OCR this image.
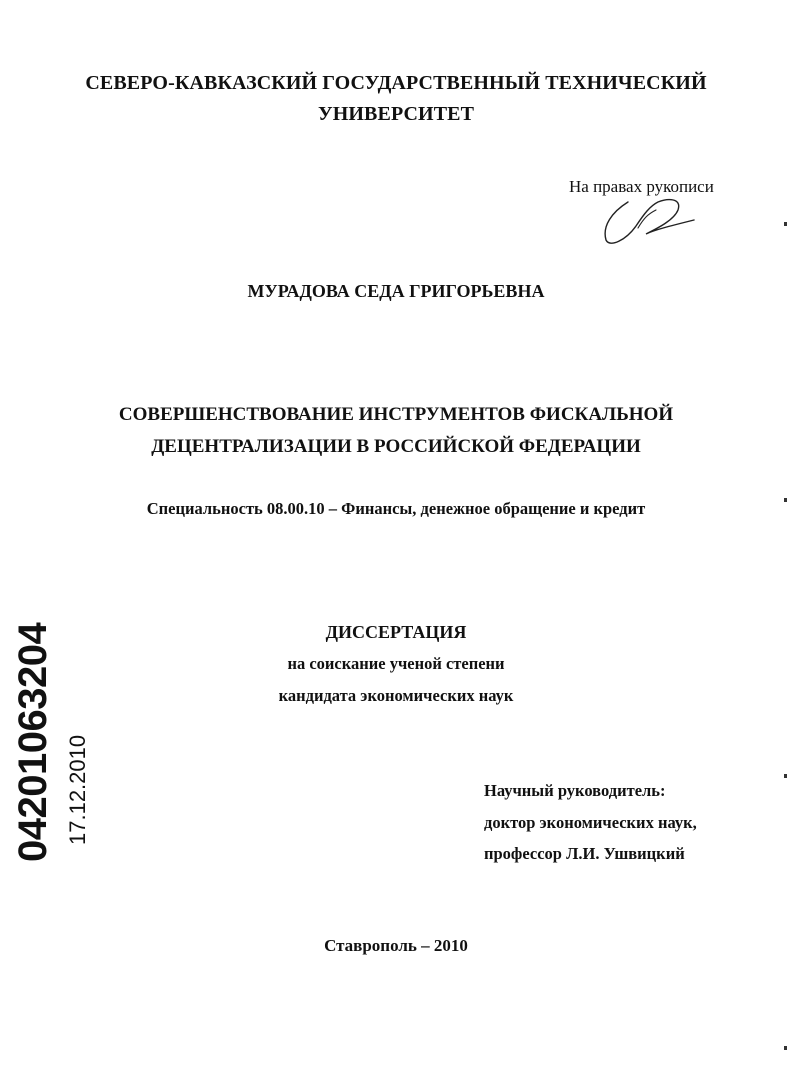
СЕВЕРО-КАВКАЗСКИЙ ГОСУДАРСТВЕННЫЙ ТЕХНИЧЕСКИЙ
УНИВЕРСИТЕТ
На правах рукописи
МУРАДОВА СЕДА ГРИГОРЬЕВНА
СОВЕРШЕНСТВОВАНИЕ ИНСТРУМЕНТОВ ФИСКАЛЬНОЙ
ДЕЦЕНТРАЛИЗАЦИИ В РОССИЙСКОЙ ФЕДЕРАЦИИ
Специальность 08.00.10 – Финансы, денежное обращение и кредит
ДИССЕРТАЦИЯ
на соискание ученой степени
кандидата экономических наук
Научный руководитель:
доктор экономических наук,
профессор Л.И. Ушвицкий
Ставрополь – 2010
04201063204 17.12.2010
